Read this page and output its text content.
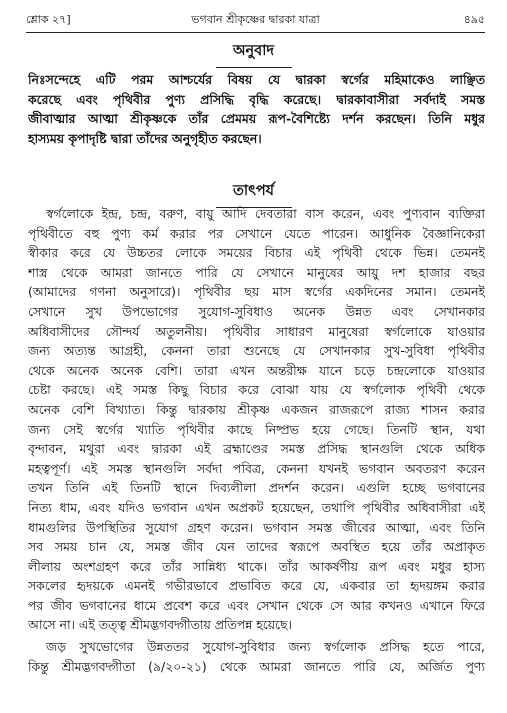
শ্লোক ২৭]	ভগবান শ্রীকৃষ্ণের দ্বারকা যাত্রা	৪৯৫
অনুবাদ
নিঃসন্দেহে এটি পরম আশ্চর্যের বিষয় যে দ্বারকা স্বর্গের মহিমাকেও লাঞ্ছিত
করেছে এবং পৃথিবীর পুণ্য প্রসিদ্ধি বৃদ্ধি করেছে। দ্বারকাবাসীরা সর্বদাই সমস্ত
জীবাত্মার আত্মা শ্রীকৃষ্ণকে তাঁর প্রেমময় রূপ-বৈশিষ্ট্যে দর্শন করছেন। তিনি মধুর
হাস্যময় কৃপাদৃষ্টি দ্বারা তাঁদের অনুগৃহীত করছেন।
তাৎপর্য
স্বর্গলোকে ইন্দ্র, চন্দ্র, বরুণ, বায়ু আদি দেবতারা বাস করেন, এবং পুণ্যবান ব্যক্তিরা
পৃথিবীতে বহু পুণ্য কর্ম করার পর সেখানে যেতে পারেন। আধুনিক বৈজ্ঞানিকেরা
স্বীকার করে যে উচ্চতর লোকে সময়ের বিচার এই পৃথিবী থেকে ভিন্ন। তেমনই
শাস্ত্র থেকে আমরা জানতে পারি যে সেখানে মানুষের আয়ু দশ হাজার বছর
(আমাদের গণনা অনুসারে)। পৃথিবীর ছয় মাস স্বর্গের একদিনের সমান। তেমনই
সেখানে সুখ উপভোগের সুযোগ-সুবিধাও অনেক উন্নত এবং সেখানকার
অধিবাসীদের সৌন্দর্য অতুলনীয়। পৃথিবীর সাধারণ মানুষেরা স্বর্গলোকে যাওয়ার
জন্য অত্যন্ত আগ্রহী, কেননা তারা শুনেছে যে সেখানকার সুখ-সুবিধা পৃথিবীর
থেকে অনেক অনেক বেশি। তারা এখন অন্তরীক্ষ যানে চড়ে চন্দ্রলোকে যাওয়ার
চেষ্টা করছে। এই সমস্ত কিছু বিচার করে বোঝা যায় যে স্বর্গলোক পৃথিবী থেকে
অনেক বেশি বিখ্যাত। কিন্তু দ্বারকায় শ্রীকৃষ্ণ একজন রাজরূপে রাজ্য শাসন করার
জন্য সেই স্বর্গের খ্যাতি পৃথিবীর কাছে নিষ্প্রভ হয়ে গেছে। তিনটি স্থান, যথা
বৃন্দাবন, মথুরা এবং দ্বারকা এই ব্রহ্মাণ্ডের সমস্ত প্রসিদ্ধ স্থানগুলি থেকে অধিক
মহত্বপূর্ণ। এই সমস্ত স্থানগুলি সর্বদা পবিত্র, কেননা যখনই ভগবান অবতরণ করেন
তখন তিনি এই তিনটি স্থানে দিব্যলীলা প্রদর্শন করেন। এগুলি হচ্ছে ভগবানের
নিত্য ধাম, এবং যদিও ভগবান এখন অপ্রকট হয়েছেন, তথাপি পৃথিবীর অধিবাসীরা এই
ধামগুলির উপস্থিতির সুযোগ গ্রহণ করেন। ভগবান সমস্ত জীবের আত্মা, এবং তিনি
সব সময় চান যে, সমস্ত জীব যেন তাদের স্বরূপে অবস্থিত হয়ে তাঁর অপ্রাকৃত
লীলায় অংশগ্রহণ করে তাঁর সান্নিধ্য থাকে। তাঁর আকর্ষণীয় রূপ এবং মধুর হাস্য
সকলের হৃদয়কে এমনই গভীরভাবে প্রভাবিত করে যে, একবার তা হৃদয়ঙ্গম করার
পর জীব ভগবানের ধামে প্রবেশ করে এবং সেখান থেকে সে আর কখনও এখানে ফিরে
আসে না। এই তত্ত্ব শ্রীমদ্ভগবদ্গীতায় প্রতিপন্ন হয়েছে।
জড় সুখভোগের উন্নততর সুযোগ-সুবিধার জন্য স্বর্গলোক প্রসিদ্ধ হতে পারে,
কিন্তু শ্রীমদ্ভগবদ্গীতা (৯/২০-২১) থেকে আমরা জানতে পারি যে, অর্জিত পুণ্য
